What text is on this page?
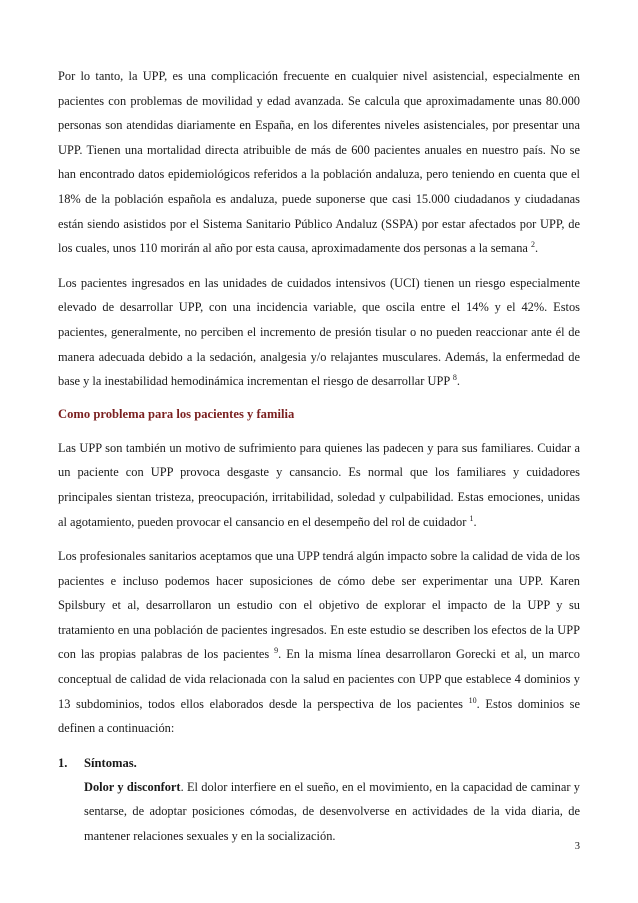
Por lo tanto, la UPP, es una complicación frecuente en cualquier nivel asistencial, especialmente en pacientes con problemas de movilidad y edad avanzada. Se calcula que aproximadamente unas 80.000 personas son atendidas diariamente en España, en los diferentes niveles asistenciales, por presentar una UPP. Tienen una mortalidad directa atribuible de más de 600 pacientes anuales en nuestro país. No se han encontrado datos epidemiológicos referidos a la población andaluza, pero teniendo en cuenta que el 18% de la población española es andaluza, puede suponerse que casi 15.000 ciudadanos y ciudadanas están siendo asistidos por el Sistema Sanitario Público Andaluz (SSPA) por estar afectados por UPP, de los cuales, unos 110 morirán al año por esta causa, aproximadamente dos personas a la semana $^2$.

Los pacientes ingresados en las unidades de cuidados intensivos (UCI) tienen un riesgo especialmente elevado de desarrollar UPP, con una incidencia variable, que oscila entre el 14% y el 42%. Estos pacientes, generalmente, no perciben el incremento de presión tisular o no pueden reaccionar ante él de manera adecuada debido a la sedación, analgesia y/o relajantes musculares. Además, la enfermedad de base y la inestabilidad hemodinámica incrementan el riesgo de desarrollar UPP $^8$.

Como problema para los pacientes y familia

Las UPP son también un motivo de sufrimiento para quienes las padecen y para sus familiares. Cuidar a un paciente con UPP provoca desgaste y cansancio. Es normal que los familiares y cuidadores principales sientan tristeza, preocupación, irritabilidad, soledad y culpabilidad. Estas emociones, unidas al agotamiento, pueden provocar el cansancio en el desempeño del rol de cuidador $^1$.

Los profesionales sanitarios aceptamos que una UPP tendrá algún impacto sobre la calidad de vida de los pacientes e incluso podemos hacer suposiciones de cómo debe ser experimentar una UPP. Karen Spilsbury et al, desarrollaron un estudio con el objetivo de explorar el impacto de la UPP y su tratamiento en una población de pacientes ingresados. En este estudio se describen los efectos de la UPP con las propias palabras de los pacientes $^9$. En la misma línea desarrollaron Gorecki et al, un marco conceptual de calidad de vida relacionada con la salud en pacientes con UPP que establece 4 dominios y 13 subdominios, todos ellos elaborados desde la perspectiva de los pacientes $^{10}$. Estos dominios se definen a continuación:

1. Síntomas.

Dolor y disconfort. El dolor interfiere en el sueño, en el movimiento, en la capacidad de caminar y sentarse, de adoptar posiciones cómodas, de desenvolverse en actividades de la vida diaria, de mantener relaciones sexuales y en la socialización.

3
